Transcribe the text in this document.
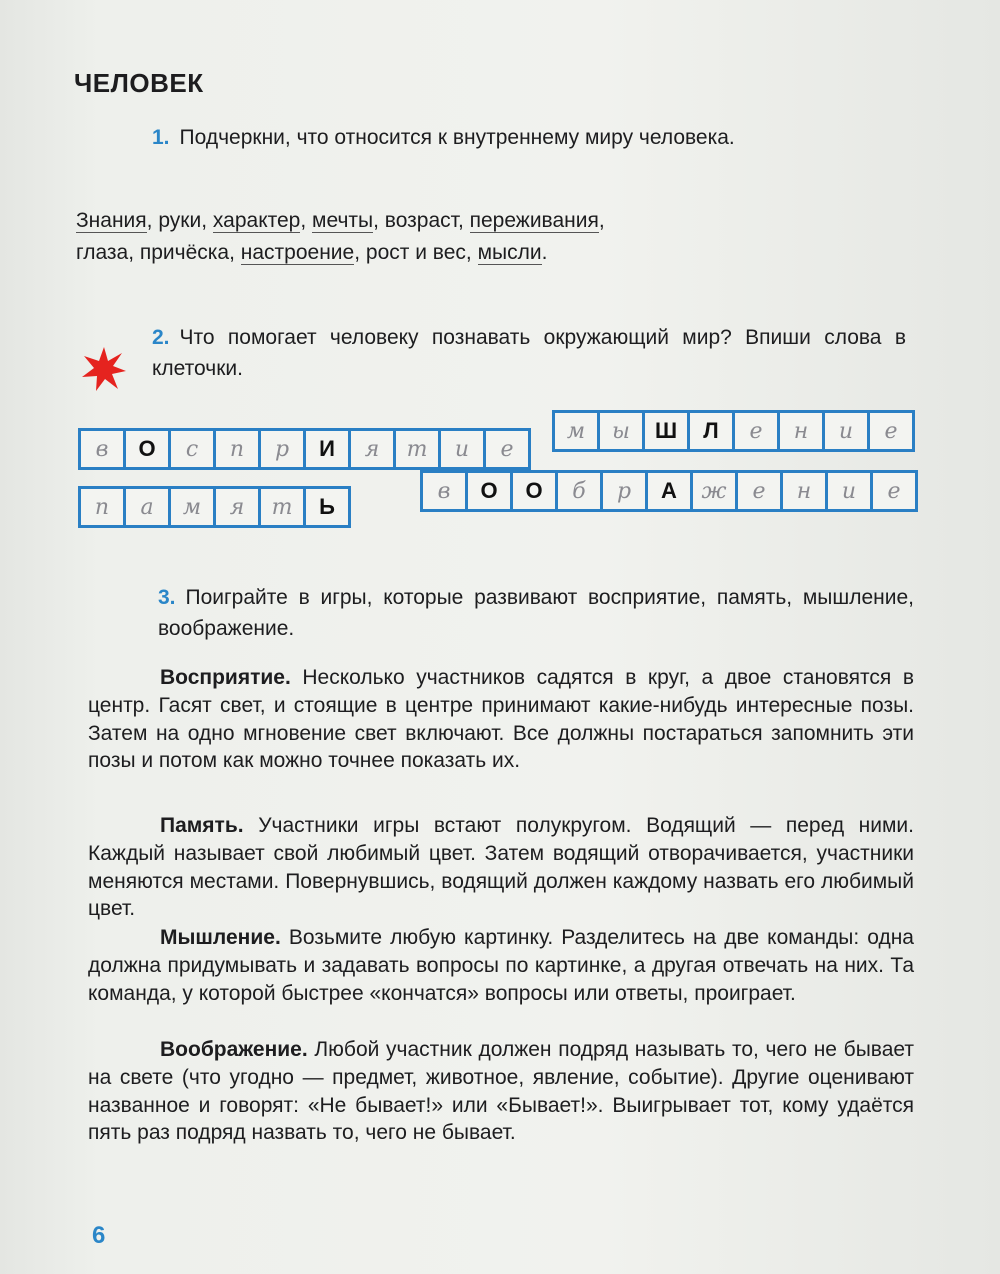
ЧЕЛОВЕК
1. Подчеркни, что относится к внутреннему миру человека.
Знания, руки, характер, мечты, возраст, переживания,
глаза, причёска, настроение, рост и вес, мысли.
2. Что помогает человеку познавать окружающий мир? Впиши слова в клеточки.
в	О	с	п	р	И	я	т	и	е
м	ы	Ш	Л	е	н	и	е
п	а	м	я	т	Ь
в	О	О	б	р	А	ж	е	н	и	е
3. Поиграйте в игры, которые развивают восприятие, память, мышление, воображение.
Восприятие. Несколько участников садятся в круг, а двое становятся в центр. Гасят свет, и стоящие в центре принимают какие-нибудь интересные позы. Затем на одно мгновение свет включают. Все должны постараться запомнить эти позы и потом как можно точнее показать их.
Память. Участники игры встают полукругом. Водящий — перед ними. Каждый называет свой любимый цвет. Затем водящий отворачивается, участники меняются местами. Повернувшись, водящий должен каждому назвать его любимый цвет.
Мышление. Возьмите любую картинку. Разделитесь на две команды: одна должна придумывать и задавать вопросы по картинке, а другая отвечать на них. Та команда, у которой быстрее «кончатся» вопросы или ответы, проиграет.
Воображение. Любой участник должен подряд называть то, чего не бывает на свете (что угодно — предмет, животное, явление, событие). Другие оценивают названное и говорят: «Не бывает!» или «Бывает!». Выигрывает тот, кому удаётся пять раз подряд назвать то, чего не бывает.
6
